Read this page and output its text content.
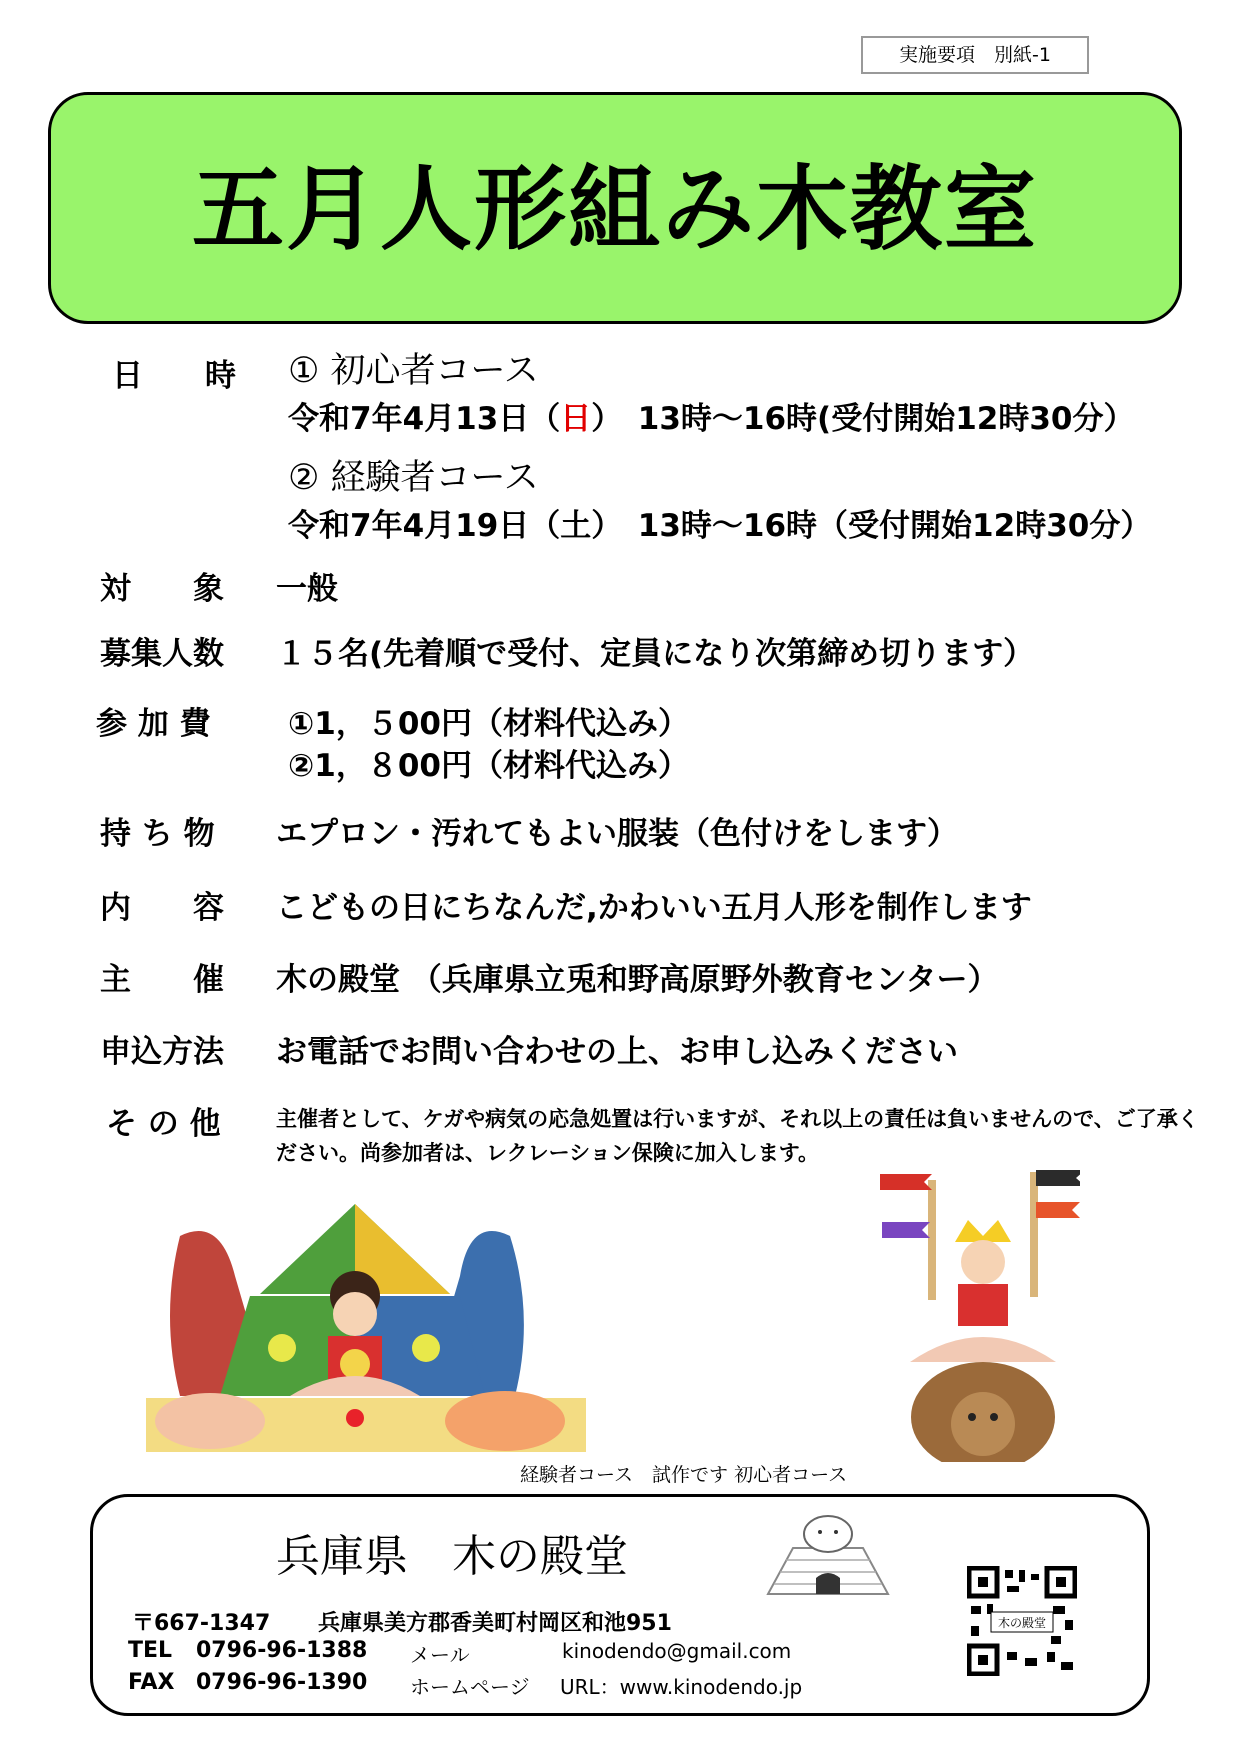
実施要項　別紙-1
五月人形組み木教室
日　　時 ① 初心者コース
令和7年4月13日（日）　13時～16時(受付開始12時30分）
② 経験者コース
令和7年4月19日（土）　13時～16時（受付開始12時30分）
対　　象 一般
募集人数 １５名(先着順で受付、定員になり次第締め切ります）
参 加 費 ①1，５00円（材料代込み）
②1，８00円（材料代込み）
持 ち 物 エプロン・汚れてもよい服装（色付けをします）
内　　容 こどもの日にちなんだ,かわいい五月人形を制作します
主　　催 木の殿堂 （兵庫県立兎和野高原野外教育センター）
申込方法 お電話でお問い合わせの上、お申し込みください
そ の 他	主催者として、ケガや病気の応急処置は行いますが、それ以上の責任は負いませんので、ご了承ください。尚参加者は、レクレーション保険に加入します。
経験者コース　試作です 初心者コース
兵庫県　木の殿堂
木の殿堂
〒667-1347 兵庫県美方郡香美町村岡区和池951
TEL 0796-96-1388 メール	kinodendo@gmail.com
FAX 0796-96-1390 ホームページ URL：www.kinodendo.jp
